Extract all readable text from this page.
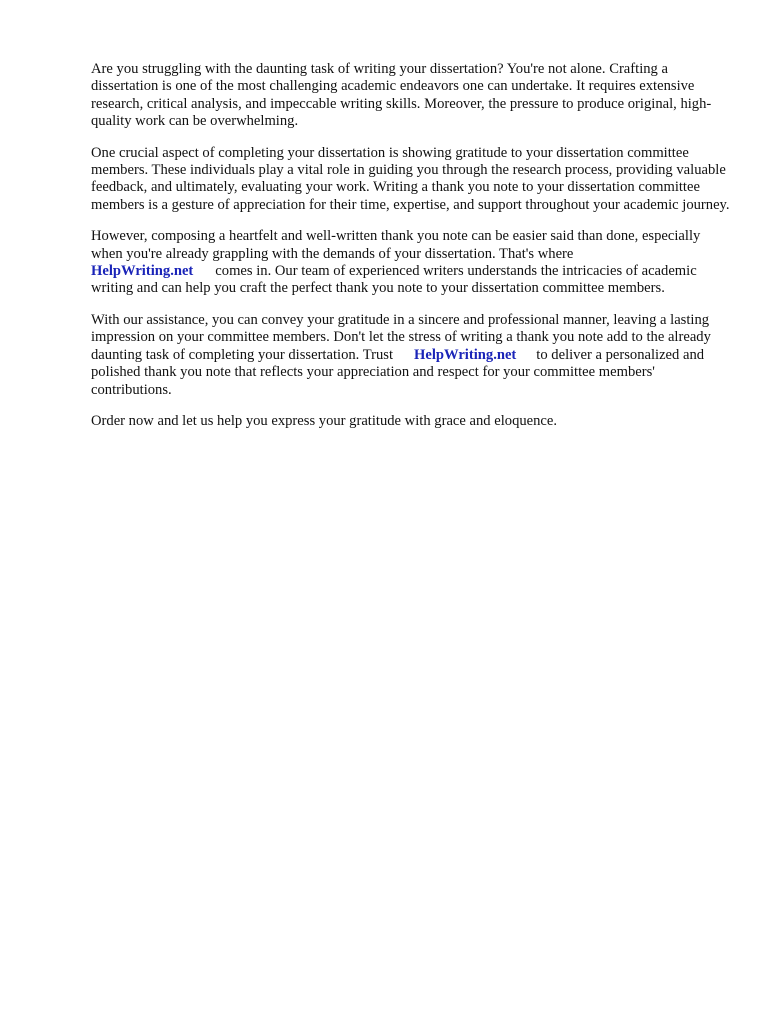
Are you struggling with the daunting task of writing your dissertation? You're not alone. Crafting a dissertation is one of the most challenging academic endeavors one can undertake. It requires extensive research, critical analysis, and impeccable writing skills. Moreover, the pressure to produce original, high-quality work can be overwhelming.

One crucial aspect of completing your dissertation is showing gratitude to your dissertation committee members. These individuals play a vital role in guiding you through the research process, providing valuable feedback, and ultimately, evaluating your work. Writing a thank you note to your dissertation committee members is a gesture of appreciation for their time, expertise, and support throughout your academic journey.

However, composing a heartfelt and well-written thank you note can be easier said than done, especially when you're already grappling with the demands of your dissertation. That's where
HelpWriting.net comes in. Our team of experienced writers understands the intricacies of academic writing and can help you craft the perfect thank you note to your dissertation committee members.

With our assistance, you can convey your gratitude in a sincere and professional manner, leaving a lasting impression on your committee members. Don't let the stress of writing a thank you note add to the already daunting task of completing your dissertation. Trust HelpWriting.net to deliver a personalized and polished thank you note that reflects your appreciation and respect for your committee members' contributions.

Order now and let us help you express your gratitude with grace and eloquence.
